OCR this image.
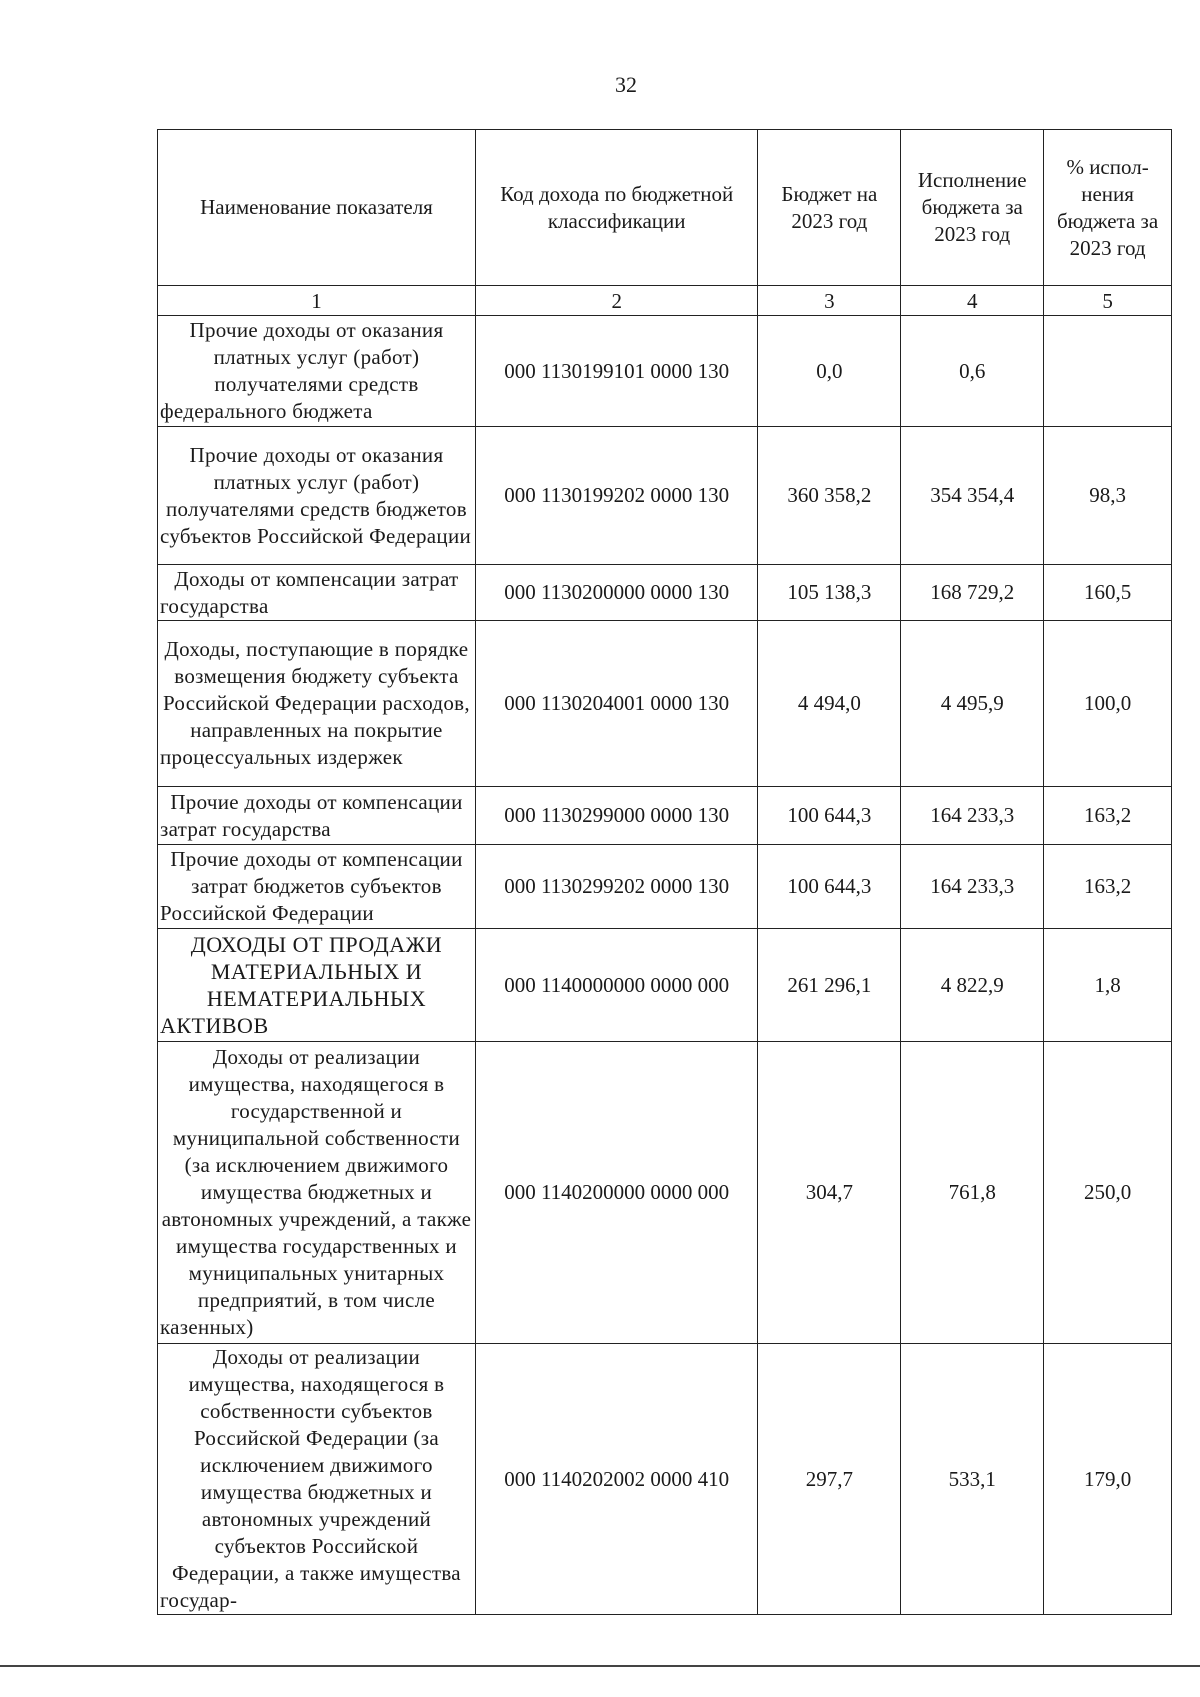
32
Наименование показателя	Код дохода по бюджетной классификации	Бюджет на 2023 год	Исполнение бюджета за 2023 год	% испол-нения бюджета за 2023 год
1	2	3	4	5
Прочие доходы от оказания платных услуг (работ) получателями средств федерального бюджета	000 1130199101 0000 130	0,0	0,6	
Прочие доходы от оказания платных услуг (работ) получателями средств бюджетов субъектов Российской Федерации	000 1130199202 0000 130	360 358,2	354 354,4	98,3
Доходы от компенсации затрат государства	000 1130200000 0000 130	105 138,3	168 729,2	160,5
Доходы, поступающие в порядке возмещения бюджету субъекта Российской Федерации расходов, направленных на покрытие процессуальных издержек	000 1130204001 0000 130	4 494,0	4 495,9	100,0
Прочие доходы от компенсации затрат государства	000 1130299000 0000 130	100 644,3	164 233,3	163,2
Прочие доходы от компенсации затрат бюджетов субъектов Российской Федерации	000 1130299202 0000 130	100 644,3	164 233,3	163,2
ДОХОДЫ ОТ ПРОДАЖИ МАТЕРИАЛЬНЫХ И НЕМАТЕРИАЛЬНЫХ АКТИВОВ	000 1140000000 0000 000	261 296,1	4 822,9	1,8
Доходы от реализации имущества, находящегося в государственной и муниципальной собственности (за исключением движимого имущества бюджетных и автономных учреждений, а также имущества государственных и муниципальных унитарных предприятий, в том числе казенных)	000 1140200000 0000 000	304,7	761,8	250,0
Доходы от реализации имущества, находящегося в собственности субъектов Российской Федерации (за исключением движимого имущества бюджетных и автономных учреждений субъектов Российской Федерации, а также имущества государ-	000 1140202002 0000 410	297,7	533,1	179,0
